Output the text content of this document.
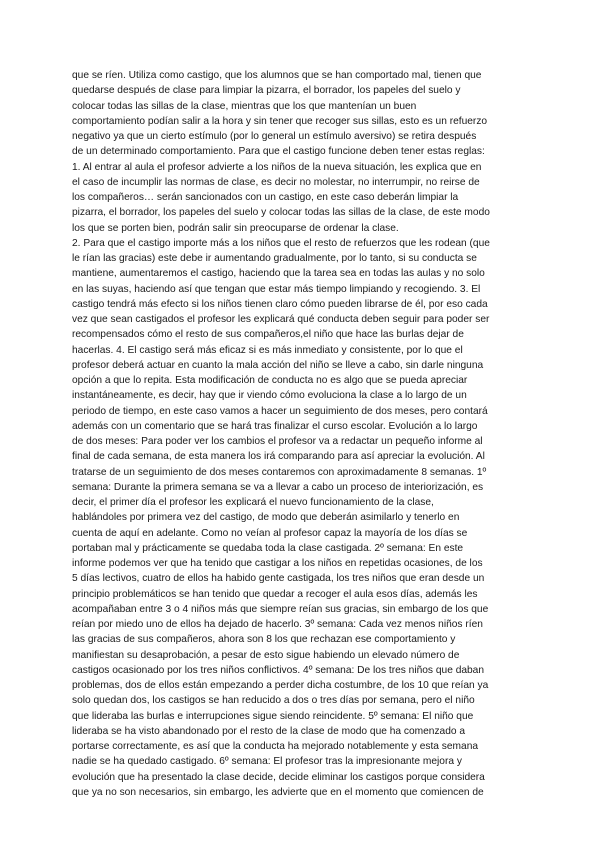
que se ríen. Utiliza como castigo, que los alumnos que se han comportado mal, tienen que
quedarse después de clase para limpiar la pizarra, el borrador, los papeles del suelo y
colocar todas las sillas de la clase, mientras que los que mantenían un buen
comportamiento podían salir a la hora y sin tener que recoger sus sillas, esto es un refuerzo
negativo ya que un cierto estímulo (por lo general un estímulo aversivo) se retira después
de un determinado comportamiento. Para que el castigo funcione deben tener estas reglas:
1. Al entrar al aula el profesor advierte a los niños de la nueva situación, les explica que en
el caso de incumplir las normas de clase, es decir no molestar, no interrumpir, no reirse de
los compañeros… serán sancionados con un castigo, en este caso deberán limpiar la
pizarra, el borrador, los papeles del suelo y colocar todas las sillas de la clase, de este modo
los que se porten bien, podrán salir sin preocuparse de ordenar la clase.
2. Para que el castigo importe más a los niños que el resto de refuerzos que les rodean (que
le rían las gracias) este debe ir aumentando gradualmente, por lo tanto, si su conducta se
mantiene, aumentaremos el castigo, haciendo que la tarea sea en todas las aulas y no solo
en las suyas, haciendo así que tengan que estar más tiempo limpiando y recogiendo. 3. El
castigo tendrá más efecto si los niños tienen claro cómo pueden librarse de él, por eso cada
vez que sean castigados el profesor les explicará qué conducta deben seguir para poder ser
recompensados cómo el resto de sus compañeros,el niño que hace las burlas dejar de
hacerlas. 4. El castigo será más eficaz si es más inmediato y consistente, por lo que el
profesor deberá actuar en cuanto la mala acción del niño se lleve a cabo, sin darle ninguna
opción a que lo repita. Esta modificación de conducta no es algo que se pueda apreciar
instantáneamente, es decir, hay que ir viendo cómo evoluciona la clase a lo largo de un
periodo de tiempo, en este caso vamos a hacer un seguimiento de dos meses, pero contará
además con un comentario que se hará tras finalizar el curso escolar. Evolución a lo largo
de dos meses: Para poder ver los cambios el profesor va a redactar un pequeño informe al
final de cada semana, de esta manera los irá comparando para así apreciar la evolución. Al
tratarse de un seguimiento de dos meses contaremos con aproximadamente 8 semanas. 1º
semana: Durante la primera semana se va a llevar a cabo un proceso de interiorización, es
decir, el primer día el profesor les explicará el nuevo funcionamiento de la clase,
hablándoles por primera vez del castigo, de modo que deberán asimilarlo y tenerlo en
cuenta de aquí en adelante. Como no veían al profesor capaz la mayoría de los días se
portaban mal y prácticamente se quedaba toda la clase castigada. 2º semana: En este
informe podemos ver que ha tenido que castigar a los niños en repetidas ocasiones, de los
5 días lectivos, cuatro de ellos ha habido gente castigada, los tres niños que eran desde un
principio problemáticos se han tenido que quedar a recoger el aula esos días, además les
acompañaban entre 3 o 4 niños más que siempre reían sus gracias, sin embargo de los que
reían por miedo uno de ellos ha dejado de hacerlo. 3º semana: Cada vez menos niños ríen
las gracias de sus compañeros, ahora son 8 los que rechazan ese comportamiento y
manifiestan su desaprobación, a pesar de esto sigue habiendo un elevado número de
castigos ocasionado por los tres niños conflictivos. 4º semana: De los tres niños que daban
problemas, dos de ellos están empezando a perder dicha costumbre, de los 10 que reían ya
solo quedan dos, los castigos se han reducido a dos o tres días por semana, pero el niño
que lideraba las burlas e interrupciones sigue siendo reincidente. 5º semana: El niño que
lideraba se ha visto abandonado por el resto de la clase de modo que ha comenzado a
portarse correctamente, es así que la conducta ha mejorado notablemente y esta semana
nadie se ha quedado castigado. 6º semana: El profesor tras la impresionante mejora y
evolución que ha presentado la clase decide, decide eliminar los castigos porque considera
que ya no son necesarios, sin embargo, les advierte que en el momento que comiencen de
